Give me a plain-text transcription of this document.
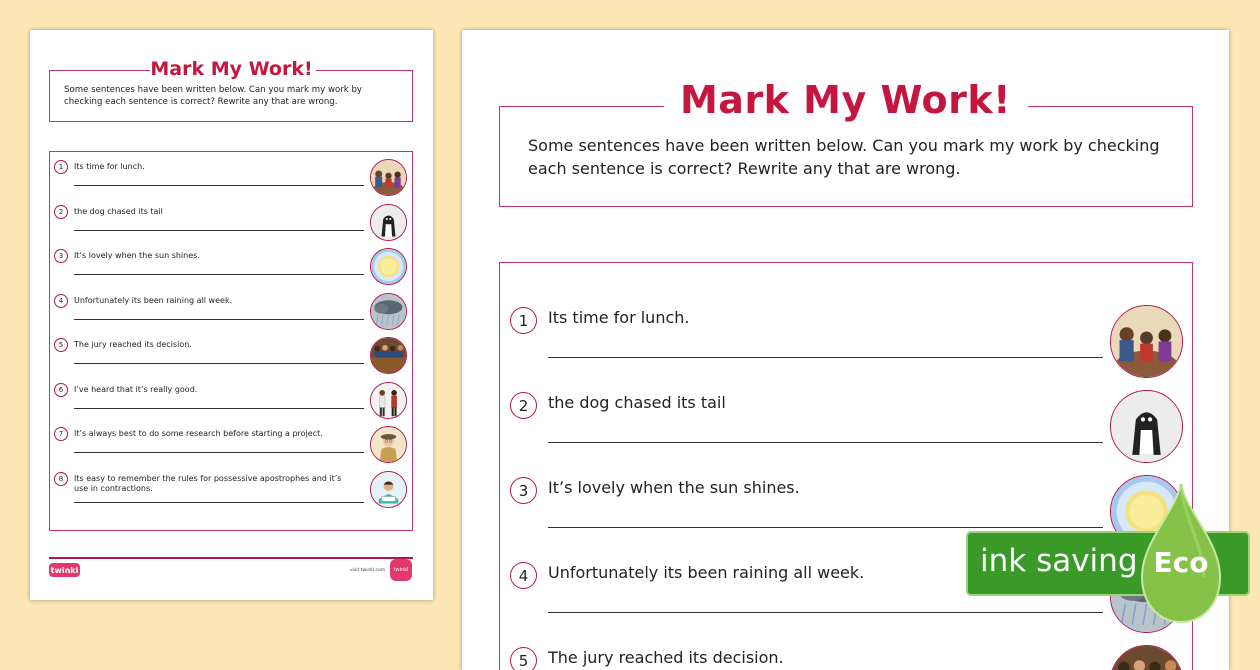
Some sentences have been written below. Can you mark my work by checking each sentence is correct? Rewrite any that are wrong.

Mark My Work!
1	Its time for lunch.
2	the dog chased its tail
3	It’s lovely when the sun shines.
4	Unfortunately its been raining all week.
5	The jury reached its decision.
6	I’ve heard that it’s really good.
7	It’s always best to do some research before starting a project.
8	Its easy to remember the rules for possessive apostrophes and it’s use in contractions.
twinkl	visit twinkl.com	twinkl

Some sentences have been written below. Can you mark my work by checking each sentence is correct? Rewrite any that are wrong.

Mark My Work!
1	Its time for lunch.
2	the dog chased its tail
3	It’s lovely when the sun shines.
4	Unfortunately its been raining all week.
5	The jury reached its decision.
ink saving Eco
